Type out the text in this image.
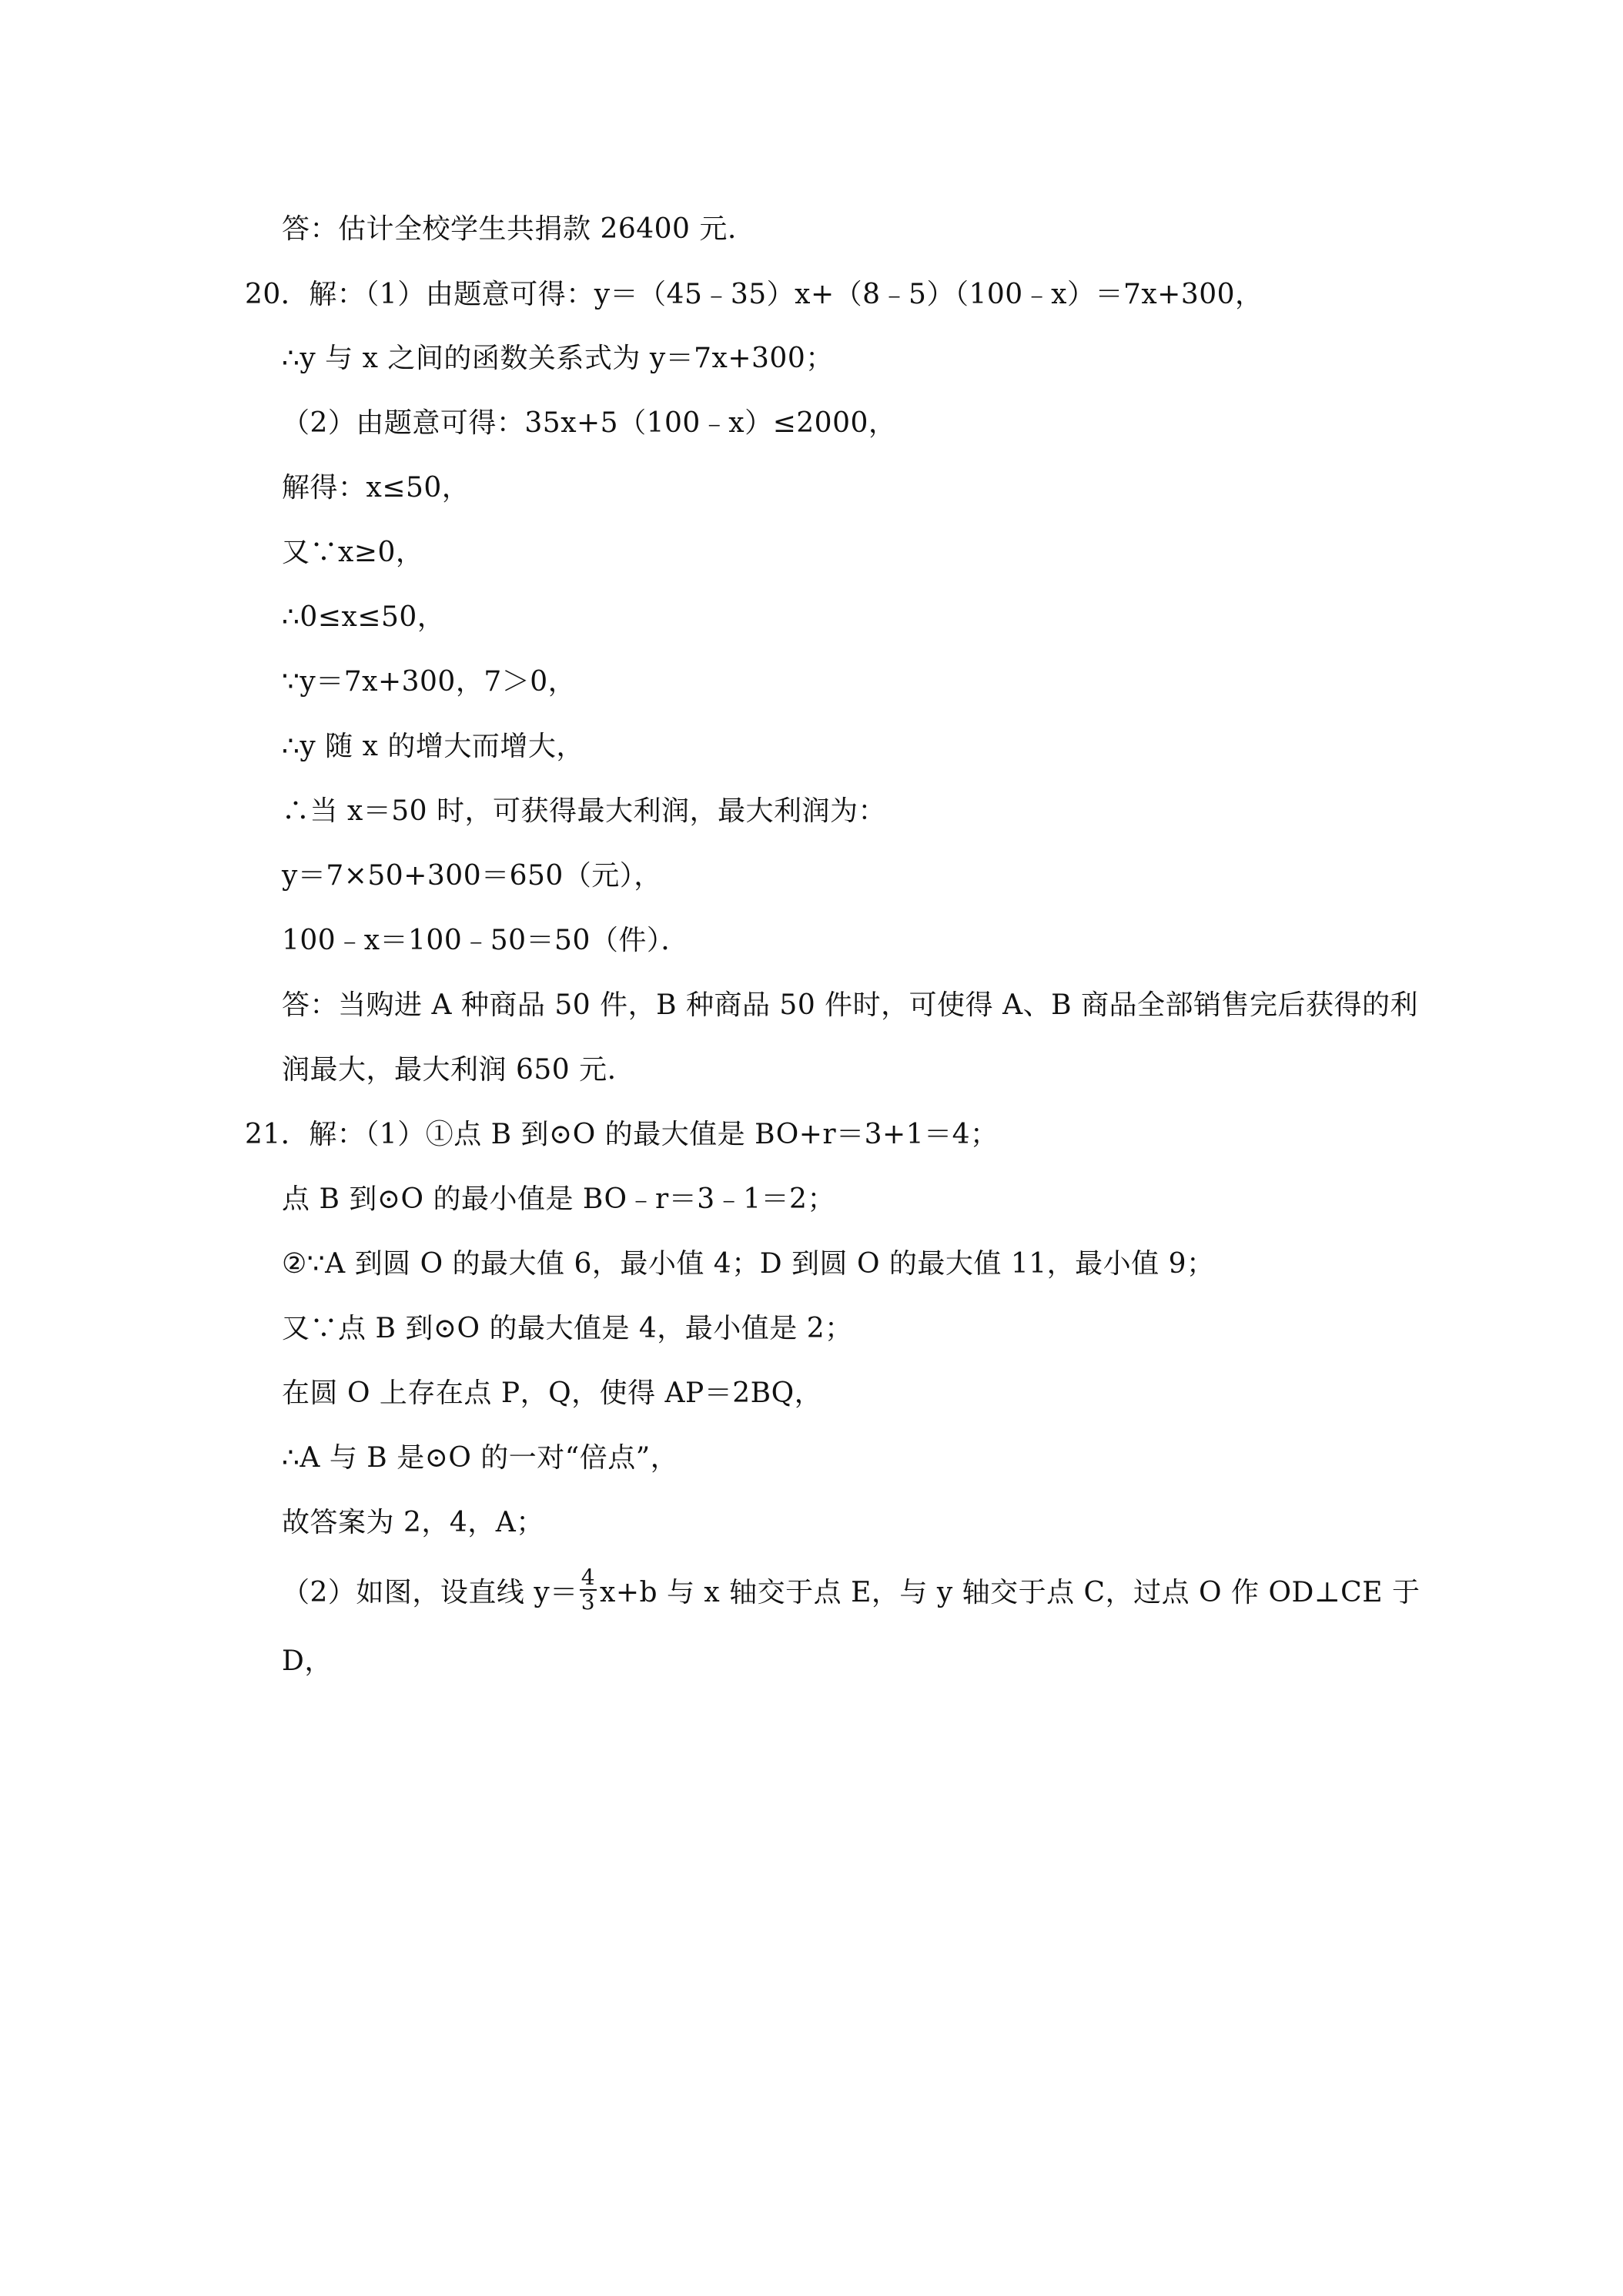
答：估计全校学生共捐款 26400 元.
20．解：（1）由题意可得：y＝（45﹣35）x+（8﹣5）（100﹣x）＝7x+300，
∴y 与 x 之间的函数关系式为 y＝7x+300；
（2）由题意可得：35x+5（100﹣x）≤2000，
解得：x≤50，
又∵x≥0，
∴0≤x≤50，
∵y＝7x+300，7＞0，
∴y 随 x 的增大而增大，
∴当 x＝50 时，可获得最大利润，最大利润为：
y＝7×50+300＝650（元），
100﹣x＝100﹣50＝50（件）．
答：当购进 A 种商品 50 件，B 种商品 50 件时，可使得 A、B 商品全部销售完后获得的利
润最大，最大利润 650 元.
21．解：（1）①点 B 到⊙O 的最大值是 BO+r＝3+1＝4；
点 B 到⊙O 的最小值是 BO﹣r＝3﹣1＝2；
②∵A 到圆 O 的最大值 6，最小值 4；D 到圆 O 的最大值 11，最小值 9；
又∵点 B 到⊙O 的最大值是 4，最小值是 2；
在圆 O 上存在点 P，Q，使得 AP＝2BQ，
∴A 与 B 是⊙O 的一对“倍点”，
故答案为 2，4，A；
（2）如图，设直线 $y= \frac{4}{3} x+b$ 与 x 轴交于点 E，与 y 轴交于点 C，过点 O 作 OD⊥CE 于
D，
